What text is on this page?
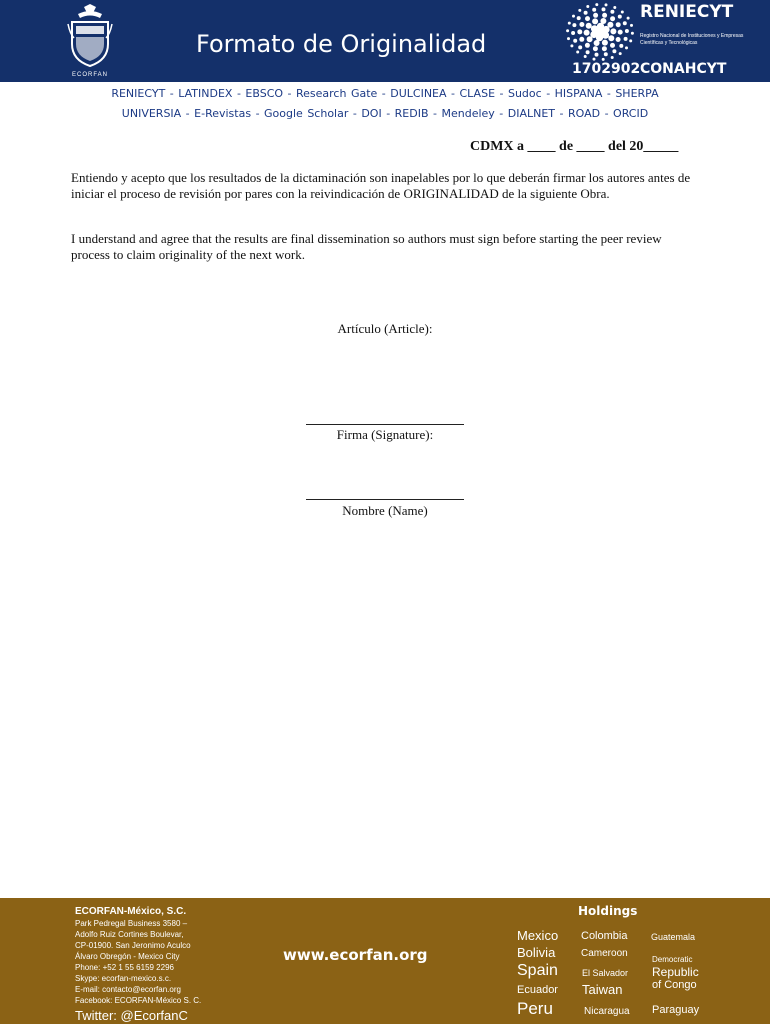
ECORFAN
Formato de Originalidad
RENIECYT
Registro Nacional de Instituciones y Empresas Científicas y Tecnológicas
1702902 CONAHCYT
RENIECYT - LATINDEX - EBSCO - Research Gate - DULCINEA - CLASE - Sudoc - HISPANA - SHERPA
UNIVERSIA - E-Revistas - Google Scholar - DOI - REDIB - Mendeley - DIALNET - ROAD - ORCID
CDMX a ____ de ____ del 20_____
Entiendo y acepto que los resultados de la dictaminación son inapelables por lo que deberán firmar los autores antes de iniciar el proceso de revisión por pares con la reivindicación de ORIGINALIDAD de la siguiente Obra.
I understand and agree that the results are final dissemination so authors must sign before starting the peer review process to claim originality of the next work.
Artículo (Article):
Firma (Signature):
Nombre (Name)
ECORFAN-México, S.C.
Park Pedregal Business 3580 –
Adolfo Ruiz Cortines Boulevar,
CP-01900. San Jeronimo Aculco
Álvaro Obregón - Mexico City
Phone: +52 1 55 6159 2296
Skype: ecorfan-mexico.s.c.
E-mail: contacto@ecorfan.org
Facebook: ECORFAN-México S. C.
Twitter: @EcorfanC
www.ecorfan.org
Holdings
Mexico
Bolivia
Spain
Ecuador
Peru
Colombia
Cameroon
El Salvador
Taiwan
Nicaragua
Guatemala
Democratic
Republic
of Congo
Paraguay
